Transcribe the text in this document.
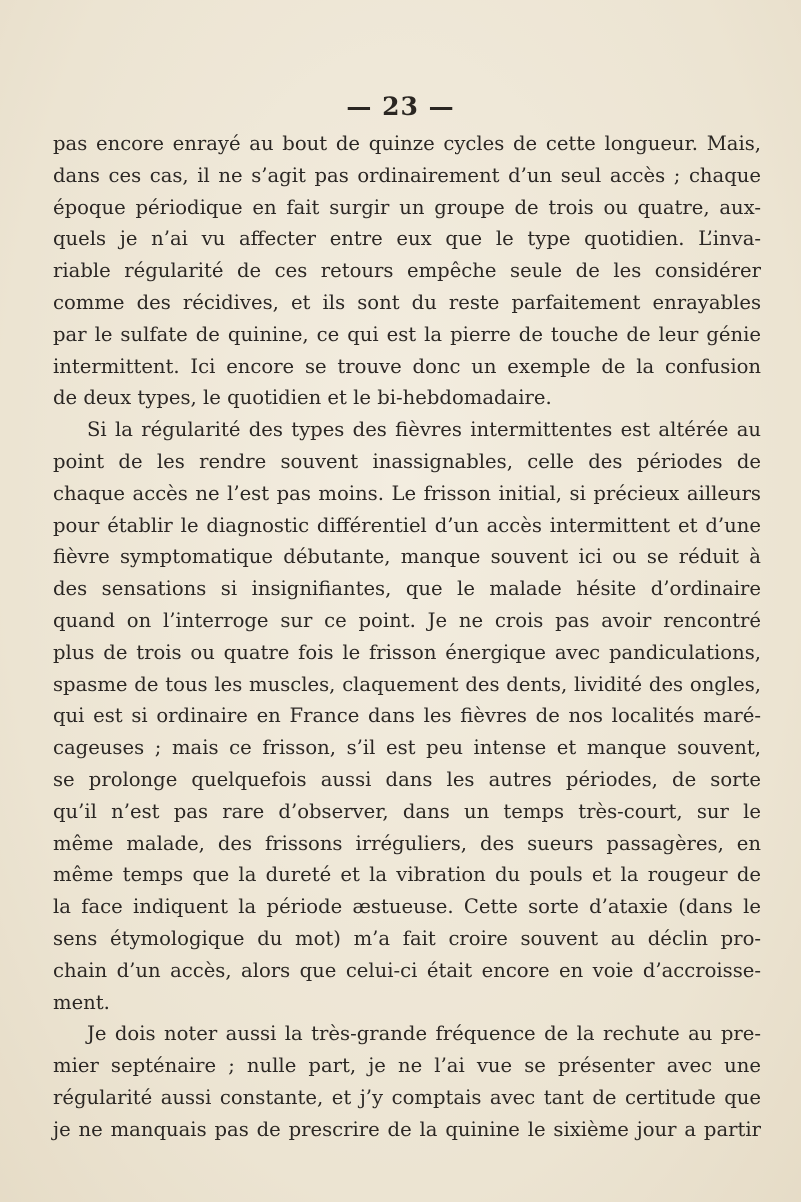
— 23 —
pas encore enrayé au bout de quinze cycles de cette longueur. Mais,
dans ces cas, il ne s’agit pas ordinairement d’un seul accès ; chaque
époque périodique en fait surgir un groupe de trois ou quatre, aux-
quels je n’ai vu affecter entre eux que le type quotidien. L’inva-
riable régularité de ces retours empêche seule de les considérer
comme des récidives, et ils sont du reste parfaitement enrayables
par le sulfate de quinine, ce qui est la pierre de touche de leur génie
intermittent. Ici encore se trouve donc un exemple de la confusion
de deux types, le quotidien et le bi-hebdomadaire.
Si la régularité des types des fièvres intermittentes est altérée au
point de les rendre souvent inassignables, celle des périodes de
chaque accès ne l’est pas moins. Le frisson initial, si précieux ailleurs
pour établir le diagnostic différentiel d’un accès intermittent et d’une
fièvre symptomatique débutante, manque souvent ici ou se réduit à
des sensations si insignifiantes, que le malade hésite d’ordinaire
quand on l’interroge sur ce point. Je ne crois pas avoir rencontré
plus de trois ou quatre fois le frisson énergique avec pandiculations,
spasme de tous les muscles, claquement des dents, lividité des ongles,
qui est si ordinaire en France dans les fièvres de nos localités maré-
cageuses ; mais ce frisson, s’il est peu intense et manque souvent,
se prolonge quelquefois aussi dans les autres périodes, de sorte
qu’il n’est pas rare d’observer, dans un temps très-court, sur le
même malade, des frissons irréguliers, des sueurs passagères, en
même temps que la dureté et la vibration du pouls et la rougeur de
la face indiquent la période æstueuse. Cette sorte d’ataxie (dans le
sens étymologique du mot) m’a fait croire souvent au déclin pro-
chain d’un accès, alors que celui-ci était encore en voie d’accroisse-
ment.
Je dois noter aussi la très-grande fréquence de la rechute au pre-
mier septénaire ; nulle part, je ne l’ai vue se présenter avec une
régularité aussi constante, et j’y comptais avec tant de certitude que
je ne manquais pas de prescrire de la quinine le sixième jour a partir
